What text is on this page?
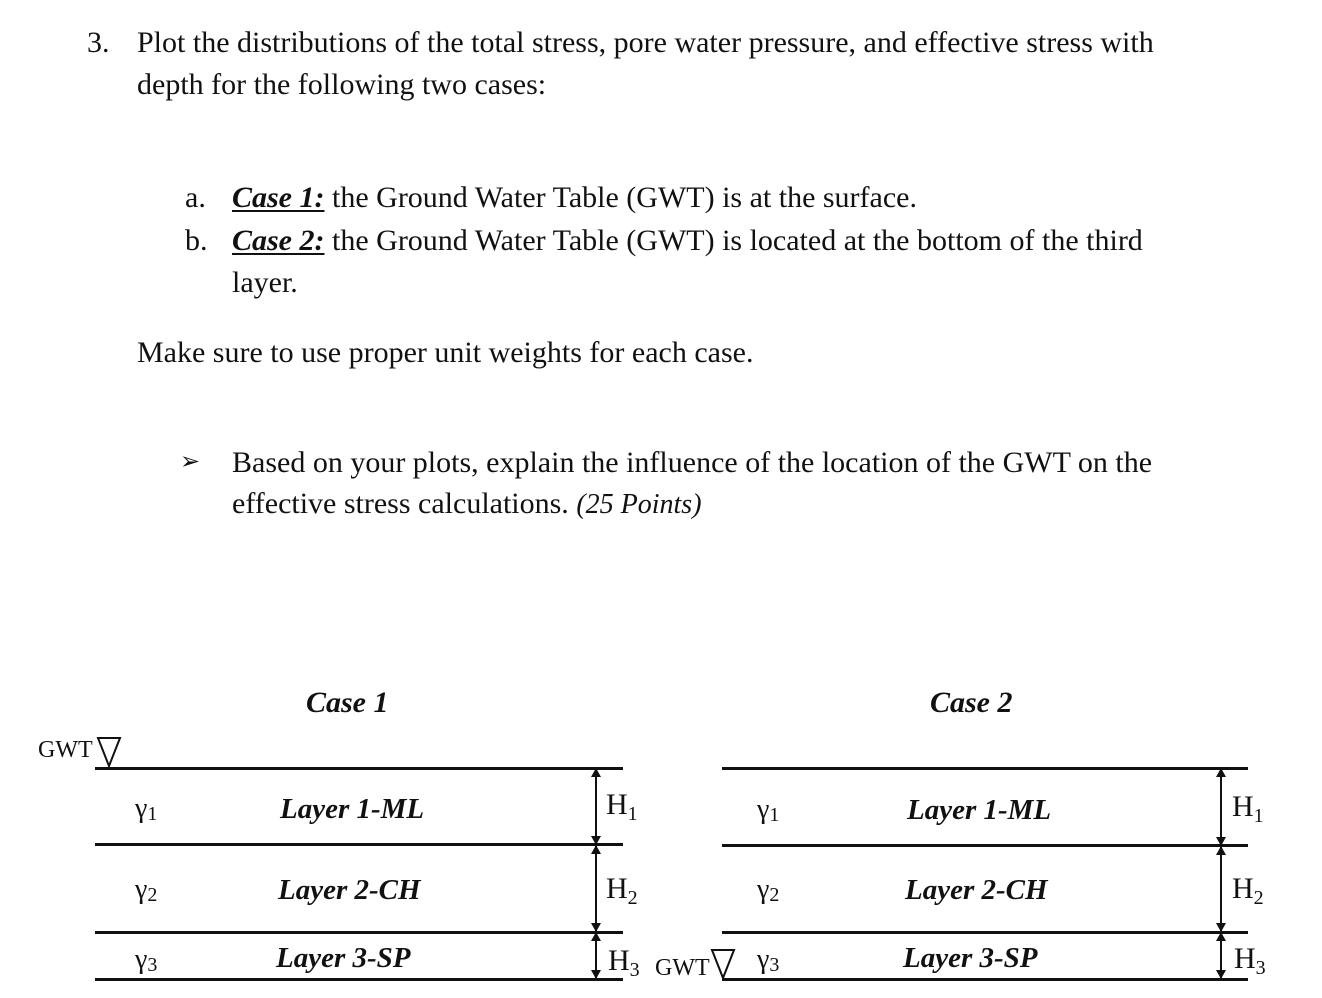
3. Plot the distributions of the total stress, pore water pressure, and effective stress with
depth for the following two cases:
a. Case 1: the Ground Water Table (GWT) is at the surface.
b. Case 2: the Ground Water Table (GWT) is located at the bottom of the third
layer.
Make sure to use proper unit weights for each case.
➢ Based on your plots, explain the influence of the location of the GWT on the
effective stress calculations. (25 Points)
Case 1	Case 2
GWT
$\gamma_1$	Layer 1-ML
$\gamma_2$	Layer 2-CH
$\gamma_3$	Layer 3-SP
$H_1$
$H_2$
$H_3$ GWT
$\gamma_1$	Layer 1-ML
$\gamma_2$	Layer 2-CH
$\gamma_3$	Layer 3-SP
$H_1$
$H_2$
$H_3$
